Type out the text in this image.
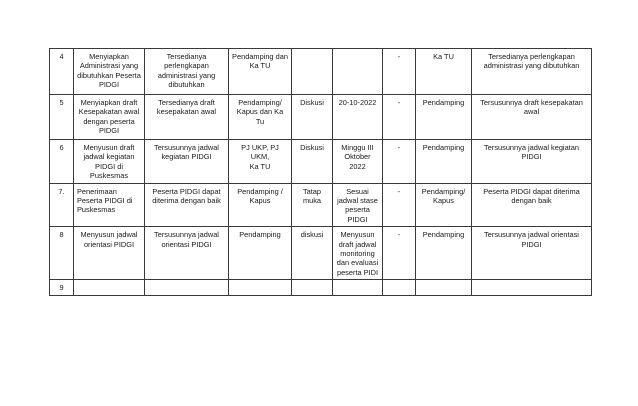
4	Menyiapkan
Administrasi yang
dibutuhkan Peserta
PIDGI	Tersedianya
perlengkapan
administrasi yang
dibutuhkan	Pendamping dan
Ka TU			-	Ka TU	Tersedianya perlengkapan
administrasi yang dibutuhkan
5	Menyiapkan draft
Kesepakatan awal
dengan peserta
PIDGI	Tersedianya draft
kesepakatan awal	Pendamping/
Kapus dan Ka Tu	Diskusi	20-10-2022	-	Pendamping	Tersusunnya draft kesepakatan
awal
6	Menyusun draft
jadwal kegiatan
PIDGI di Puskesmas	Tersusunnya jadwal
kegiatan PIDGI	PJ UKP, PJ UKM,
Ka TU	Diskusi	Minggu III
Oktober
2022	-	Pendamping	Tersusunnya jadwal kegiatan PIDGI
7.	Penerimaan
Peserta PIDGI di
Puskesmas	Peserta PIDGI dapat
diterima dengan baik	Pendamping /
Kapus	Tatap
muka	Sesuai
jadwal stase
peserta
PIDGI	-	Pendamping/
Kapus	Peserta PIDGI dapat diterima
dengan baik
8	Menyusun jadwal
orientasi PIDGI	Tersusunnya jadwal
orientasi PIDGI	Pendamping	diskusi	Menyusun
draft jadwal
monitoring
dan evaluasi
peserta PIDI	-	Pendamping	Tersusunnya jadwal orientasi PIDGI
9								
